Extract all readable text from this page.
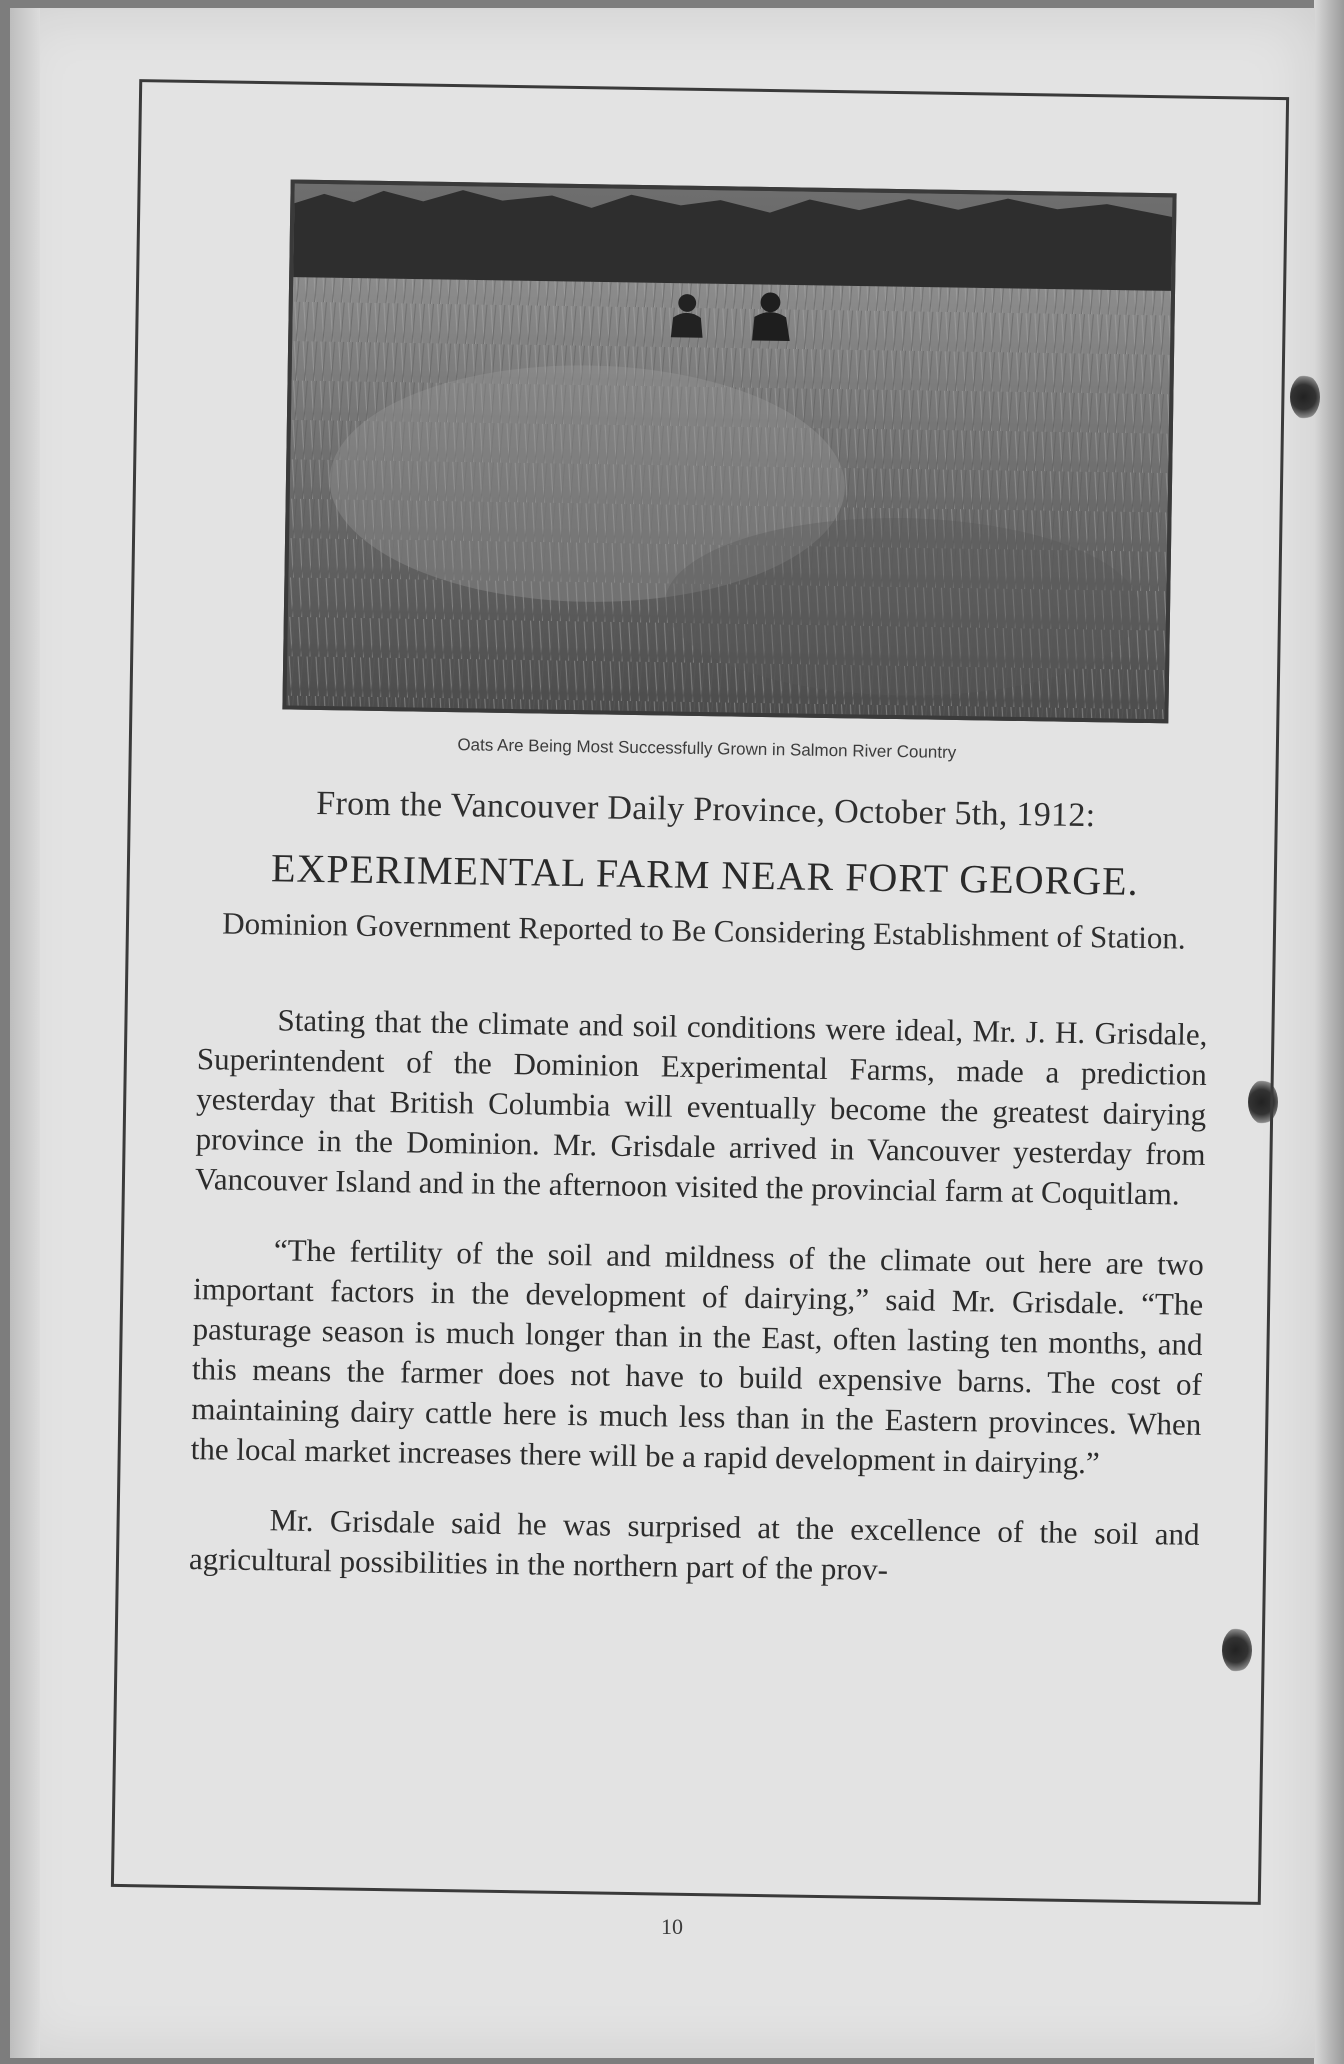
Oats Are Being Most Successfully Grown in Salmon River Country
From the Vancouver Daily Province, October 5th, 1912:
EXPERIMENTAL FARM NEAR FORT GEORGE.
Dominion Government Reported to Be Considering Establishment of Station.

Stating that the climate and soil conditions were ideal, Mr. J. H. Grisdale, Superintendent of the Dominion Experimental Farms, made a prediction yesterday that British Columbia will eventually become the greatest dairying province in the Dominion. Mr. Grisdale arrived in Vancouver yesterday from Vancouver Island and in the afternoon visited the provincial farm at Coquitlam.

“The fertility of the soil and mildness of the climate out here are two important factors in the development of dairying,” said Mr. Grisdale. “The pasturage season is much longer than in the East, often lasting ten months, and this means the farmer does not have to build expensive barns. The cost of maintaining dairy cattle here is much less than in the Eastern provinces. When the local market increases there will be a rapid development in dairying.”

Mr. Grisdale said he was surprised at the excellence of the soil and agricultural possibilities in the northern part of the prov-

10
